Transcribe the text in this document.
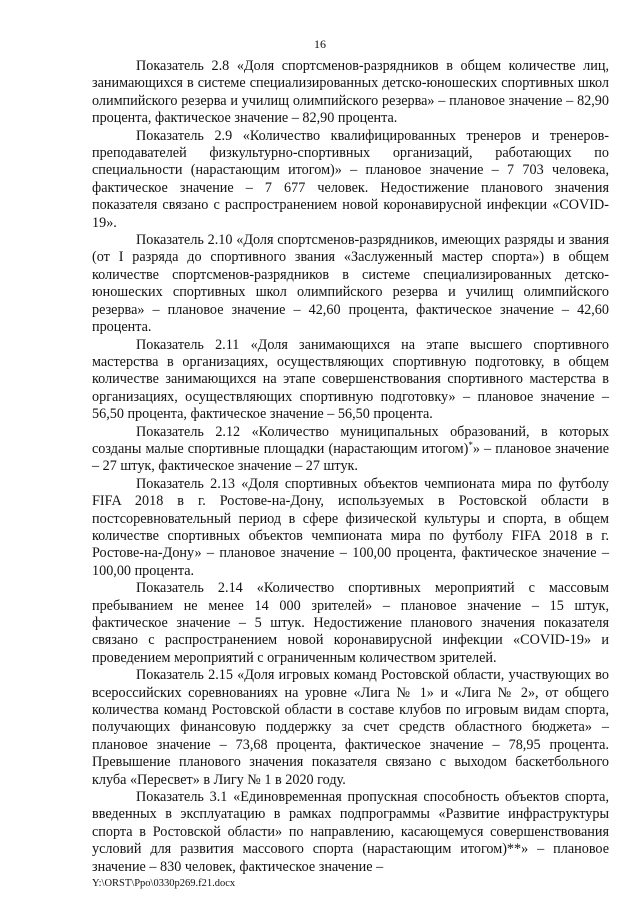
16

Показатель 2.8 «Доля спортсменов-разрядников в общем количестве лиц, занимающихся в системе специализированных детско-юношеских спортивных школ олимпийского резерва и училищ олимпийского резерва» – плановое значение – 82,90 процента, фактическое значение – 82,90 процента.

Показатель 2.9 «Количество квалифицированных тренеров и тренеров-преподавателей физкультурно-спортивных организаций, работающих по специальности (нарастающим итогом)» – плановое значение – 7 703 человека, фактическое значение – 7 677 человек. Недостижение планового значения показателя связано с распространением новой коронавирусной инфекции «COVID-19».

Показатель 2.10 «Доля спортсменов-разрядников, имеющих разряды и звания (от I разряда до спортивного звания «Заслуженный мастер спорта») в общем количестве спортсменов-разрядников в системе специализированных детско-юношеских спортивных школ олимпийского резерва и училищ олимпийского резерва» – плановое значение – 42,60 процента, фактическое значение – 42,60 процента.

Показатель 2.11 «Доля занимающихся на этапе высшего спортивного мастерства в организациях, осуществляющих спортивную подготовку, в общем количестве занимающихся на этапе совершенствования спортивного мастерства в организациях, осуществляющих спортивную подготовку» – плановое значение – 56,50 процента, фактическое значение – 56,50 процента.

Показатель 2.12 «Количество муниципальных образований, в которых созданы малые спортивные площадки (нарастающим итогом)*» – плановое значение – 27 штук, фактическое значение – 27 штук.

Показатель 2.13 «Доля спортивных объектов чемпионата мира по футболу FIFA 2018 в г. Ростове-на-Дону, используемых в Ростовской области в постсоревновательный период в сфере физической культуры и спорта, в общем количестве спортивных объектов чемпионата мира по футболу FIFA 2018 в г. Ростове-на-Дону» – плановое значение – 100,00 процента, фактическое значение – 100,00 процента.

Показатель 2.14 «Количество спортивных мероприятий с массовым пребыванием не менее 14 000 зрителей» – плановое значение – 15 штук, фактическое значение – 5 штук. Недостижение планового значения показателя связано с распространением новой коронавирусной инфекции «COVID-19» и проведением мероприятий с ограниченным количеством зрителей.

Показатель 2.15 «Доля игровых команд Ростовской области, участвующих во всероссийских соревнованиях на уровне «Лига № 1» и «Лига № 2», от общего количества команд Ростовской области в составе клубов по игровым видам спорта, получающих финансовую поддержку за счет средств областного бюджета» – плановое значение – 73,68 процента, фактическое значение – 78,95 процента. Превышение планового значения показателя связано с выходом баскетбольного клуба «Пересвет» в Лигу № 1 в 2020 году.

Показатель 3.1 «Единовременная пропускная способность объектов спорта, введенных в эксплуатацию в рамках подпрограммы «Развитие инфраструктуры спорта в Ростовской области» по направлению, касающемуся совершенствования условий для развития массового спорта (нарастающим итогом)**» – плановое значение – 830 человек, фактическое значение –

Y:\ORST\Ppo\0330p269.f21.docx
